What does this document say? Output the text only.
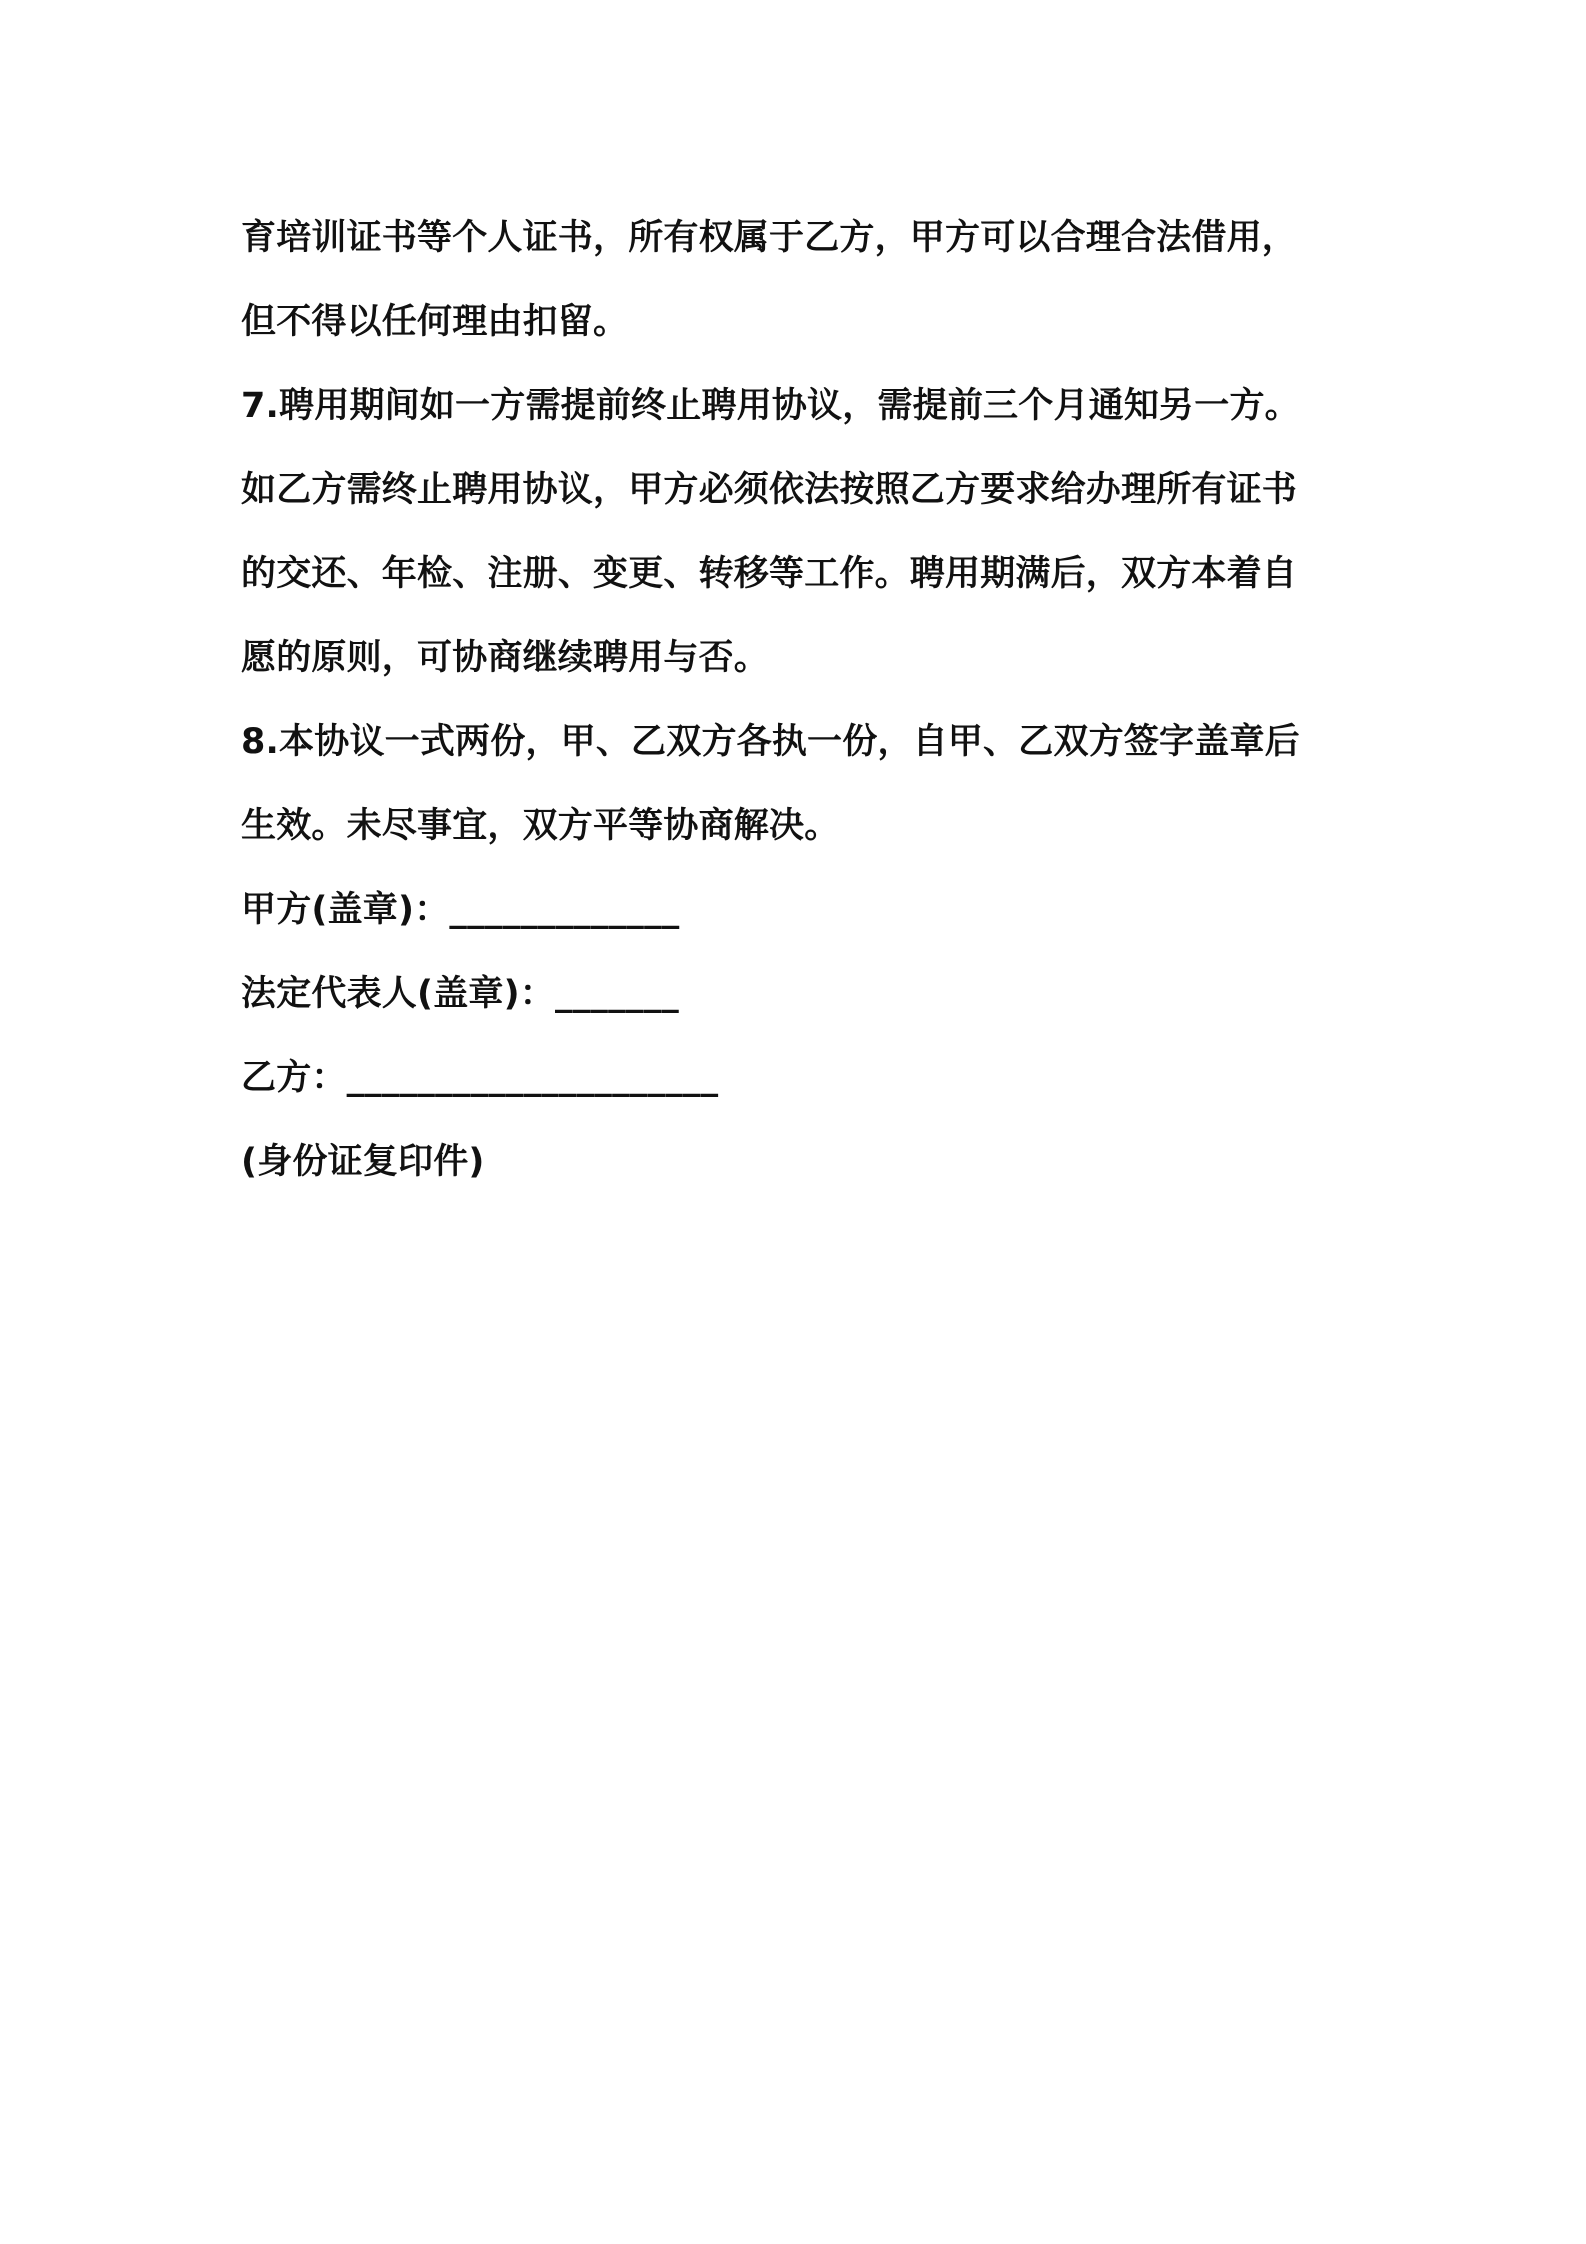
育培训证书等个人证书，所有权属于乙方，甲方可以合理合法借用，
但不得以任何理由扣留。
7.聘用期间如一方需提前终止聘用协议，需提前三个月通知另一方。
如乙方需终止聘用协议，甲方必须依法按照乙方要求给办理所有证书
的交还、年检、注册、变更、转移等工作。聘用期满后，双方本着自
愿的原则，可协商继续聘用与否。
8.本协议一式两份，甲、乙双方各执一份，自甲、乙双方签字盖章后
生效。未尽事宜，双方平等协商解决。
甲方(盖章)：_____________
法定代表人(盖章)：_______
乙方：_____________________
(身份证复印件)
